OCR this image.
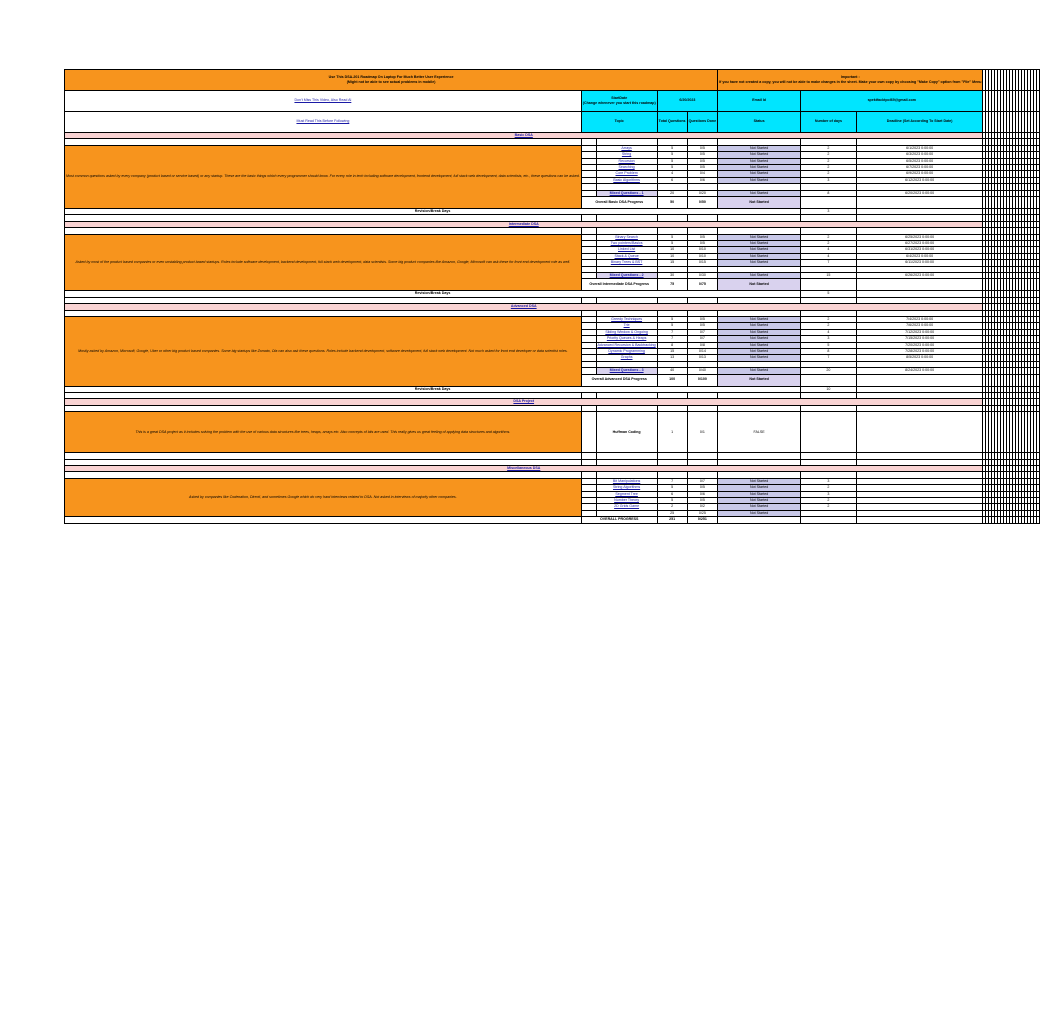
Use This DSA-201 Roadmap On Laptop For Much Better User Experience
(Might not be able to see actual problems in mobile)					Important :
If you have not created a copy, you will not be able to make changes in the sheet. Make your own copy by choosing "Make Copy" option from "File" Menu																					
Don't Miss This Video, Also Read Al	StartDate
(Change whenever you start this roadmap)		6/20/2023		Email Id	spektfacktpol69@gmail.com																				
Must Read This Before Following	Topic		Total Questions	Questions Done	Status	Number of days	Deadline (Set According To Start Date)																			
Basic DSA																										

Most common questions asked by every company (product based or service based) or any startup. These are the basic things which every programmer should know. For every role in tech including software development, frontend development, full stack web development, data scientists, etc., these questions can be asked.		Arrays	5	0/5	Not Started	2	6/1/2023 0:00:00																			
		String	5	0/5	Not Started	2	6/3/2023 0:00:00																			
		Recursion	5	0/5	Not Started	2	6/5/2023 0:00:00																			
		Searching	5	0/5	Not Started	2	6/7/2023 0:00:00																			
		Core Problem	4	0/4	Not Started	2	6/9/2023 0:00:00																			
		Basic Algorithms	6	0/6	Not Started	3	6/12/2023 0:00:00																			

		Mixed Questions - 1	20	0/20	Not Started	8	6/20/2023 0:00:00																			
	Overall Basic DSA Progress		50	0/50	Not Started																					
Revision/Break Days						3																				

Intermediate DSA																										

Asked by most of the product based companies or even unstabling product based startups. Roles include software development, backend development, full stack web development, data scientists. Some big product companies like Amazon, Google, Microsoft can ask these for front end development role as well.		Binary Search	5	0/5	Not Started	2	6/25/2023 0:00:00																			
		Two pointers/Basics	5	0/5	Not Started	2	6/27/2023 0:00:00																			
		Linked List	10	0/10	Not Started	4	6/31/2023 0:00:00																			
		Stack & Queue	10	0/10	Not Started	4	6/4/2023 0:00:00																			
		Binary Trees & BST	15	0/15	Not Started	7	6/11/2023 0:00:00																			

		Mixed Questions - 2	30	0/30	Not Started	15	6/26/2023 0:00:00																			
	Overall Intermediate DSA Progress		75	0/75	Not Started																					
Revision/Break Days						5																				

Advanced DSA																										

Mostly asked by Amazon, Microsoft, Google, Uber or other big product based companies. Some big startups like Zomato, Ola can also ask these questions. Roles include backend development, software development, full stack web development. Not much asked for front end developer or data scientist roles.		Greedy Techniques	5	0/5	Not Started	2	7/4/2023 0:00:00																			
		Trie	5	0/5	Not Started	2	7/6/2023 0:00:00																			
		Sliding Window & Ongoing	7	0/7	Not Started	4	7/12/2023 0:00:00																			
		Priority Queues & Heaps	7	0/7	Not Started	3	7/15/2023 0:00:00																			
		Advanced Recursion & Backtracking	8	0/8	Not Started	5	7/20/2023 0:00:00																			
		Dynamic Programming	15	0/14	Not Started	8	7/28/2023 0:00:00																			
		Graphs	13	0/13	Not Started	7	8/5/2023 0:00:00																			

		Mixed Questions - 3	40	0/40	Not Started	20	8/24/2023 0:00:00																			
	Overall Advanced DSA Progress		100	0/100	Not Started																					
Revision/Break Days						10																				

DSA Project																										

This is a great DSA project as it includes solving the problem with the use of various data structures like trees, heaps, arrays etc. Also concepts of bits are used. This really gives us great feeling of applying data structures and algorithms.		Huffman Coding	1	0/1	FALSE																					

Miscellaneous DSA																										

Asked by companies like Codenation, Directi, and sometimes Google which do very hard interviews related to DSA. Not asked in interviews of majority other companies.		Bit Manipulations	7	0/7	Not Started	3																				
		String Algorithms	5	0/5	Not Started	2																				
		Segment Tree	6	0/6	Not Started	3																				
		Number Theory	5	0/5	Not Started	2																				
		2D Grids Game	2	0/2	Not Started	2																				
			25	0/25	Not Started																					
	OVERALL PROGRESS		251	0/251																						
